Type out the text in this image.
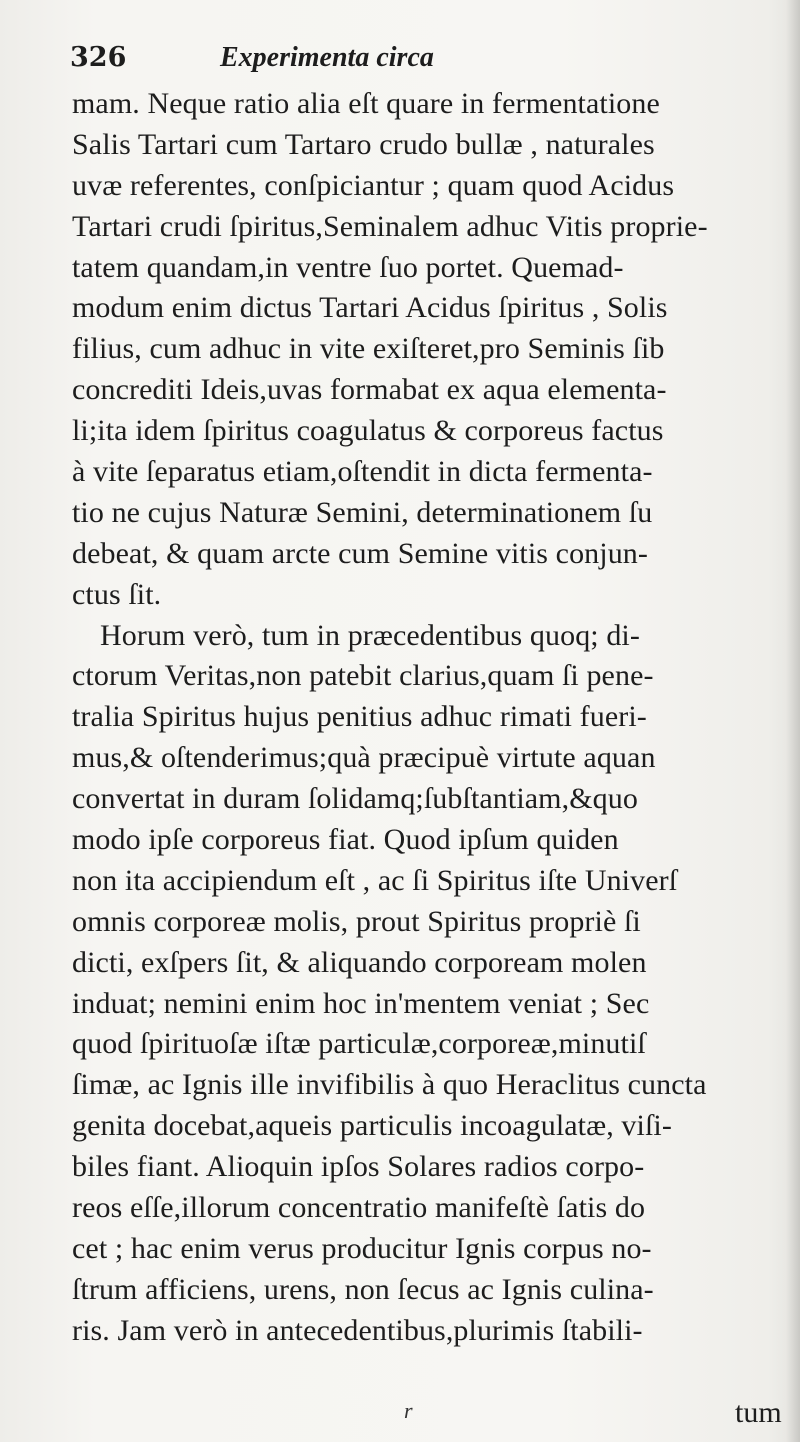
326	Experimenta circa
mam. Neque ratio alia eſt quare in fermentatione
Salis Tartari cum Tartaro crudo bullæ , naturales
uvæ referentes, conſpiciantur ; quam quod Acidus
Tartari crudi ſpiritus,Seminalem adhuc Vitis proprie-
tatem quandam,in ventre ſuo portet. Quemad-
modum enim dictus Tartari Acidus ſpiritus , Solis
filius, cum adhuc in vite exiſteret,pro Seminis ſib
concrediti Ideis,uvas formabat ex aqua elementa-
li;ita idem ſpiritus coagulatus & corporeus factus
à vite ſeparatus etiam,oſtendit in dicta fermenta-
tio ne cujus Naturæ Semini, determinationem ſu
debeat, & quam arcte cum Semine vitis conjun-
ctus ſit.
Horum verò, tum in præcedentibus quoq; di-
ctorum Veritas,non patebit clarius,quam ſi pene-
tralia Spiritus hujus penitius adhuc rimati fueri-
mus,& oſtenderimus;quà præcipuè virtute aquan
convertat in duram ſolidamq;ſubſtantiam,&quo
modo ipſe corporeus fiat. Quod ipſum quiden
non ita accipiendum eſt , ac ſi Spiritus iſte Univerſ
omnis corporeæ molis, prout Spiritus propriè ſi
dicti, exſpers ſit, & aliquando corpoream molen
induat; nemini enim hoc in'mentem veniat ; Sec
quod ſpirituoſæ iſtæ particulæ,corporeæ,minutiſ
ſimæ, ac Ignis ille invifibilis à quo Heraclitus cuncta
genita docebat,aqueis particulis incoagulatæ, viſi-
biles fiant. Alioquin ipſos Solares radios corpo-
reos eſſe,illorum concentratio manifeſtè ſatis do
cet ; hac enim verus producitur Ignis corpus no-
ſtrum afficiens, urens, non ſecus ac Ignis culina-
ris. Jam verò in antecedentibus,plurimis ſtabili-
r	tum
